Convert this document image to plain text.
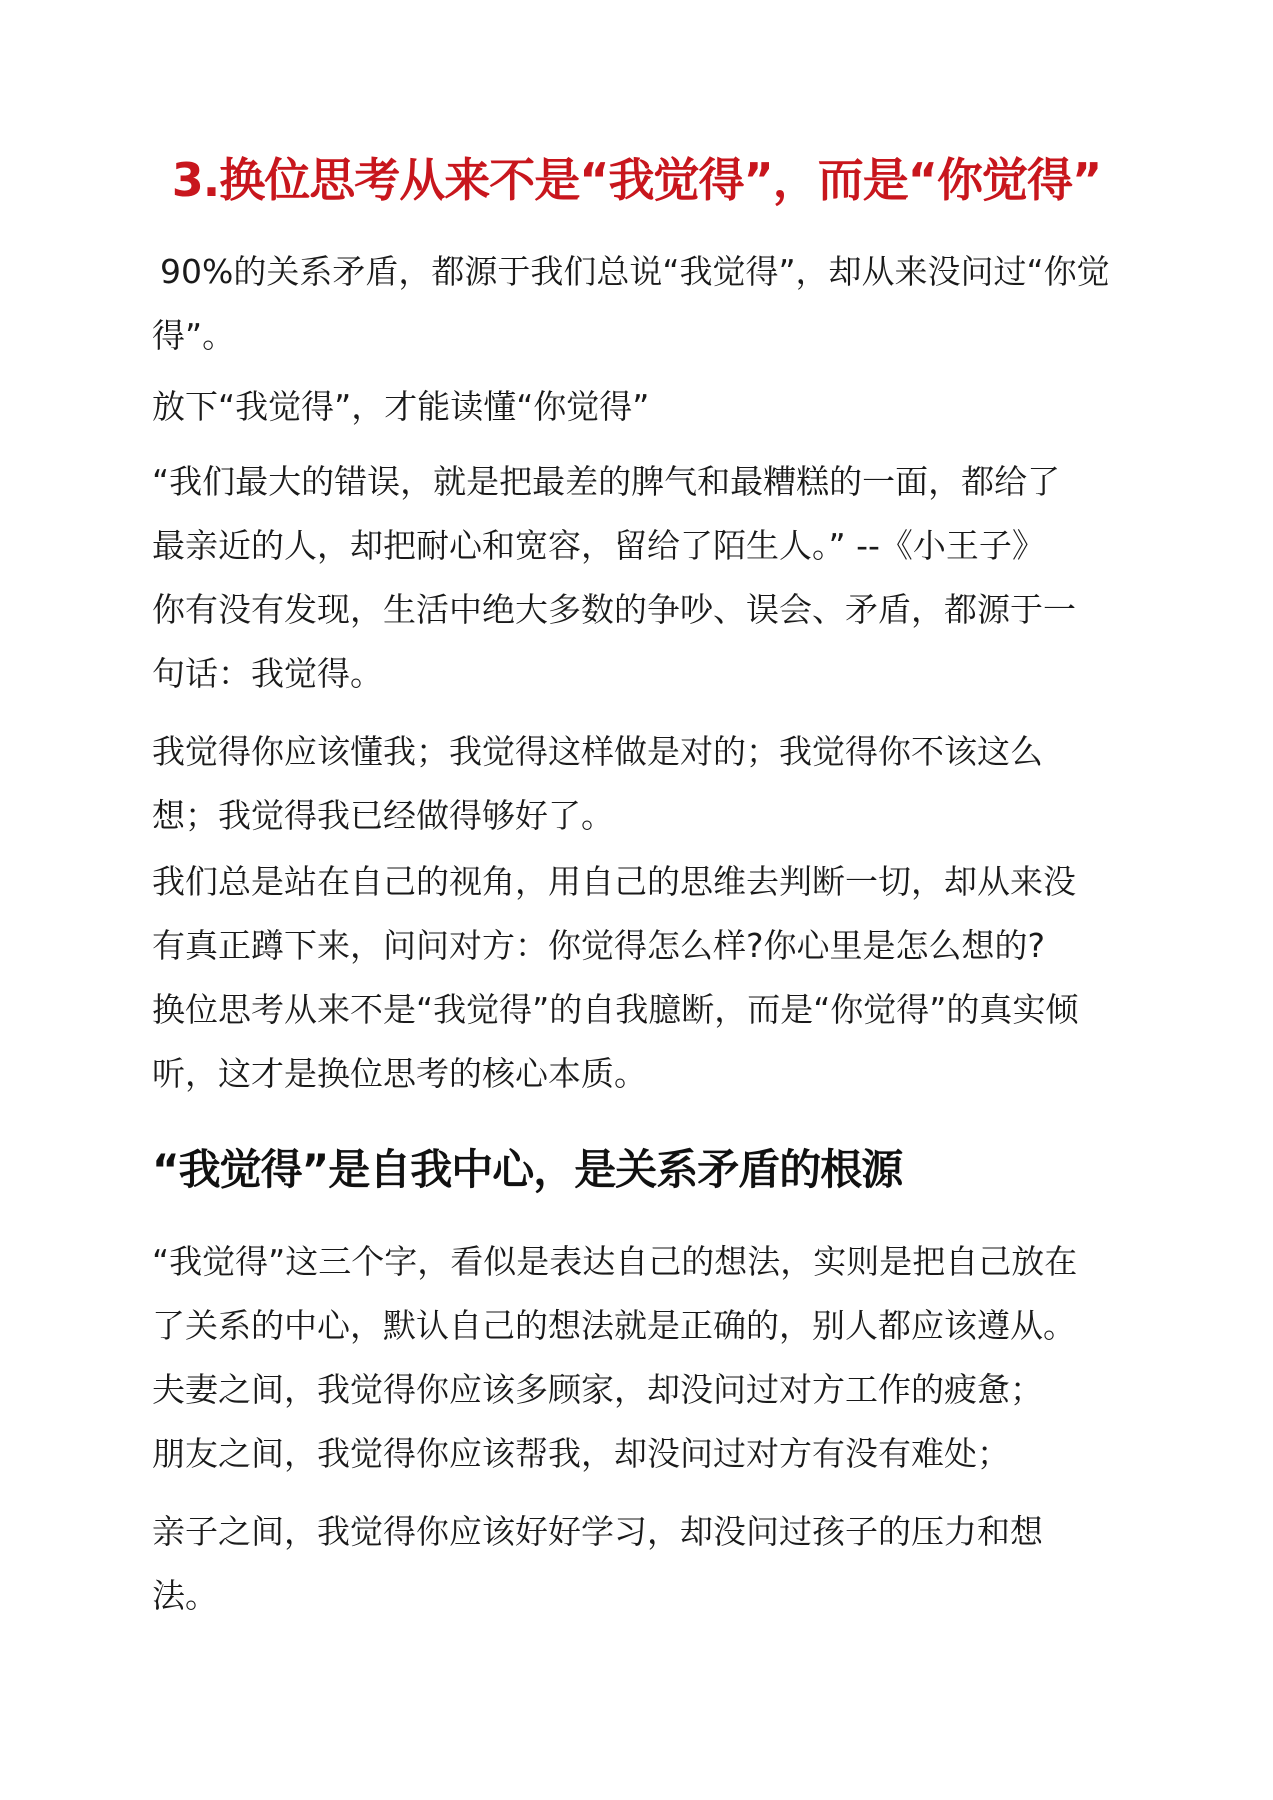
3.换位思考从来不是“我觉得”，而是“你觉得”
90%的关系矛盾，都源于我们总说“我觉得”，却从来没问过“你觉
得”。
放下“我觉得”，才能读懂“你觉得”
“我们最大的错误，就是把最差的脾气和最糟糕的一面，都给了
最亲近的人，却把耐心和宽容，留给了陌生人。” --《小王子》
你有没有发现，生活中绝大多数的争吵、误会、矛盾，都源于一
句话：我觉得。
我觉得你应该懂我；我觉得这样做是对的；我觉得你不该这么
想；我觉得我已经做得够好了。
我们总是站在自己的视角，用自己的思维去判断一切，却从来没
有真正蹲下来，问问对方：你觉得怎么样?你心里是怎么想的?
换位思考从来不是“我觉得”的自我臆断，而是“你觉得”的真实倾
听，这才是换位思考的核心本质。
“我觉得”是自我中心，是关系矛盾的根源
“我觉得”这三个字，看似是表达自己的想法，实则是把自己放在
了关系的中心，默认自己的想法就是正确的，别人都应该遵从。
夫妻之间，我觉得你应该多顾家，却没问过对方工作的疲惫；
朋友之间，我觉得你应该帮我，却没问过对方有没有难处；
亲子之间，我觉得你应该好好学习，却没问过孩子的压力和想
法。
